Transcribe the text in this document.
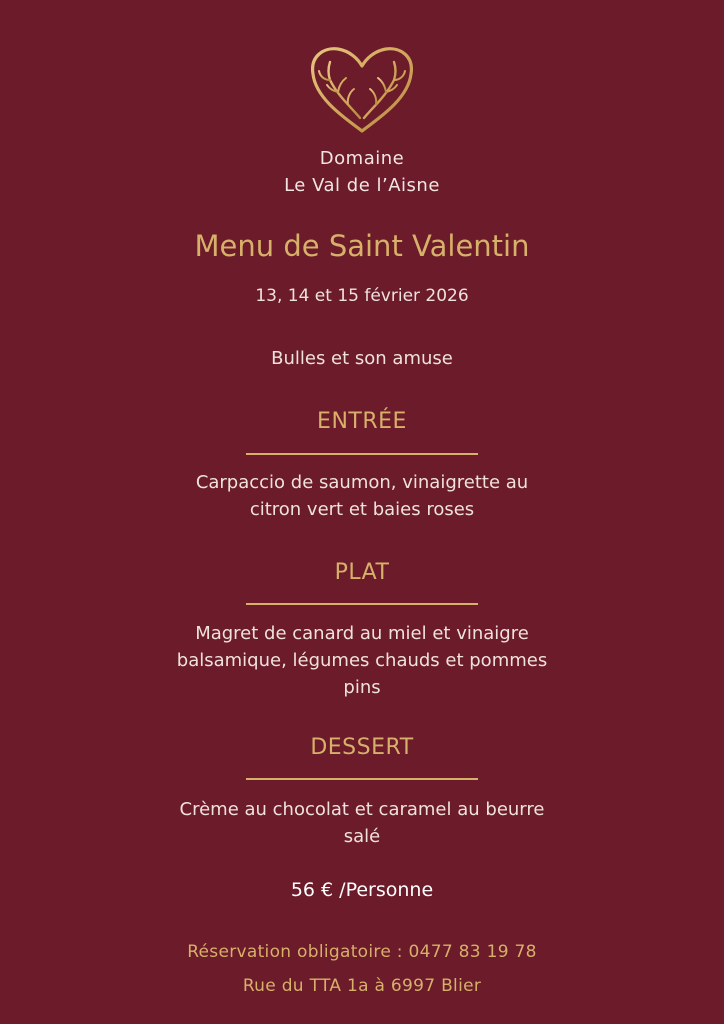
Domaine
Le Val de l’Aisne
Menu de Saint Valentin
13, 14 et 15 février 2026
Bulles et son amuse
ENTRÉE
Carpaccio de saumon, vinaigrette au
citron vert et baies roses
PLAT
Magret de canard au miel et vinaigre
balsamique, légumes chauds et pommes
pins
DESSERT
Crème au chocolat et caramel au beurre
salé
56 € /Personne
Réservation obligatoire : 0477 83 19 78
Rue du TTA 1a à 6997 Blier
